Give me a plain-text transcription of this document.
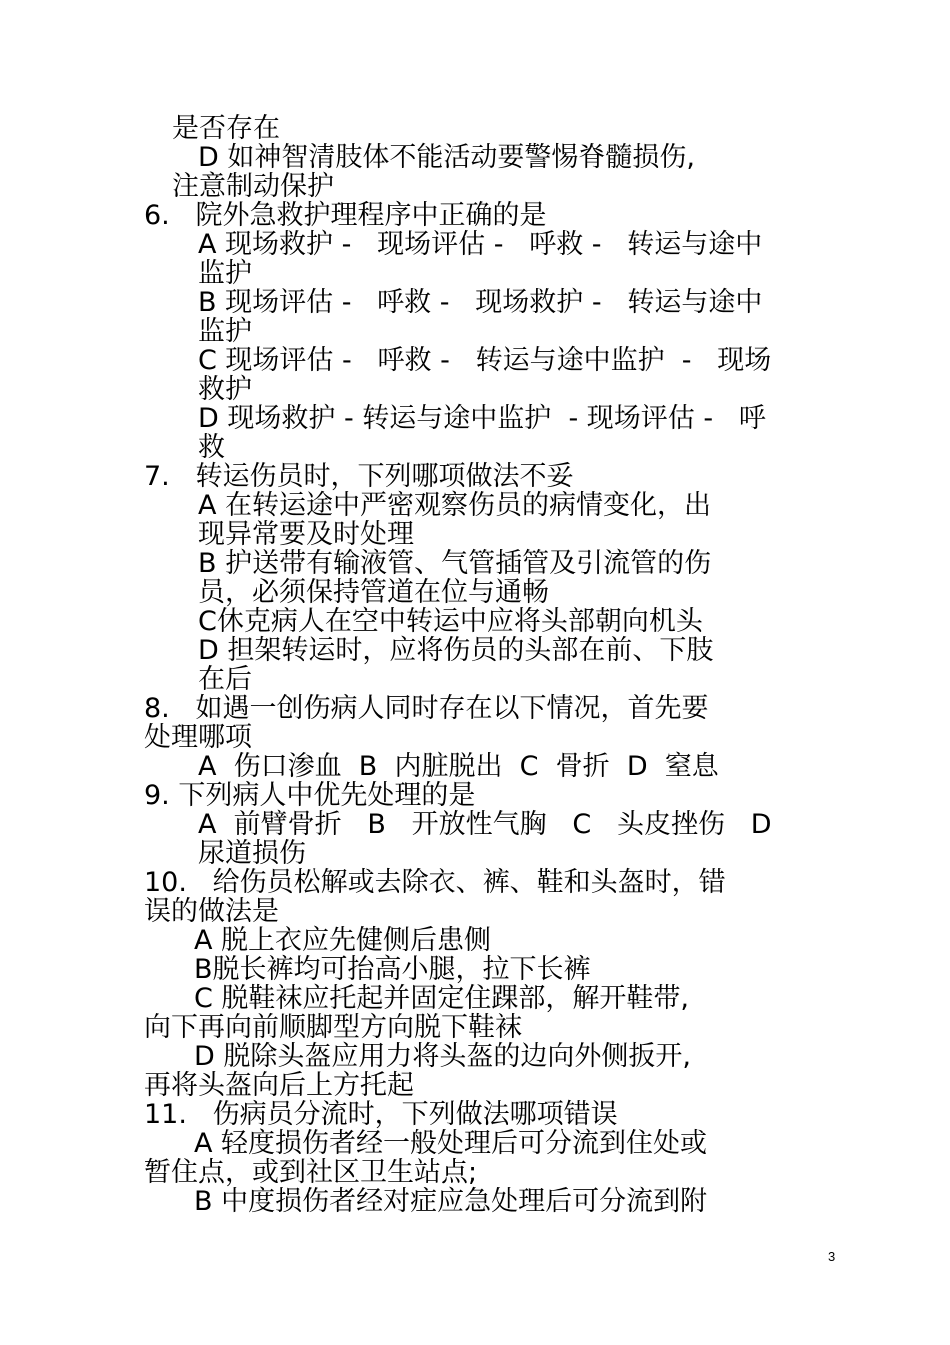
是否存在
D 如神智清肢体不能活动要警惕脊髓损伤,
注意制动保护
6.   院外急救护理程序中正确的是
A 现场救护 -   现场评估 -   呼救 -   转运与途中
监护
B 现场评估 -   呼救 -   现场救护 -   转运与途中
监护
C 现场评估 -   呼救 -   转运与途中监护  -   现场
救护
D 现场救护 - 转运与途中监护  - 现场评估 -   呼
救
7.   转运伤员时，下列哪项做法不妥
A 在转运途中严密观察伤员的病情变化，出
现异常要及时处理
B 护送带有输液管、气管插管及引流管的伤
员，必须保持管道在位与通畅
C休克病人在空中转运中应将头部朝向机头
D 担架转运时，应将伤员的头部在前、下肢
在后
8.   如遇一创伤病人同时存在以下情况，首先要
处理哪项
A  伤口渗血  B  内脏脱出  C  骨折  D  窒息
9. 下列病人中优先处理的是
A  前臂骨折   B   开放性气胸   C   头皮挫伤   D
尿道损伤
10.   给伤员松解或去除衣、裤、鞋和头盔时，错
误的做法是
A 脱上衣应先健侧后患侧
B脱长裤均可抬高小腿，拉下长裤
C 脱鞋袜应托起并固定住踝部，解开鞋带,
向下再向前顺脚型方向脱下鞋袜
D 脱除头盔应用力将头盔的边向外侧扳开,
再将头盔向后上方托起
11.   伤病员分流时，下列做法哪项错误
A 轻度损伤者经一般处理后可分流到住处或
暂住点，或到社区卫生站点;
B 中度损伤者经对症应急处理后可分流到附
3
